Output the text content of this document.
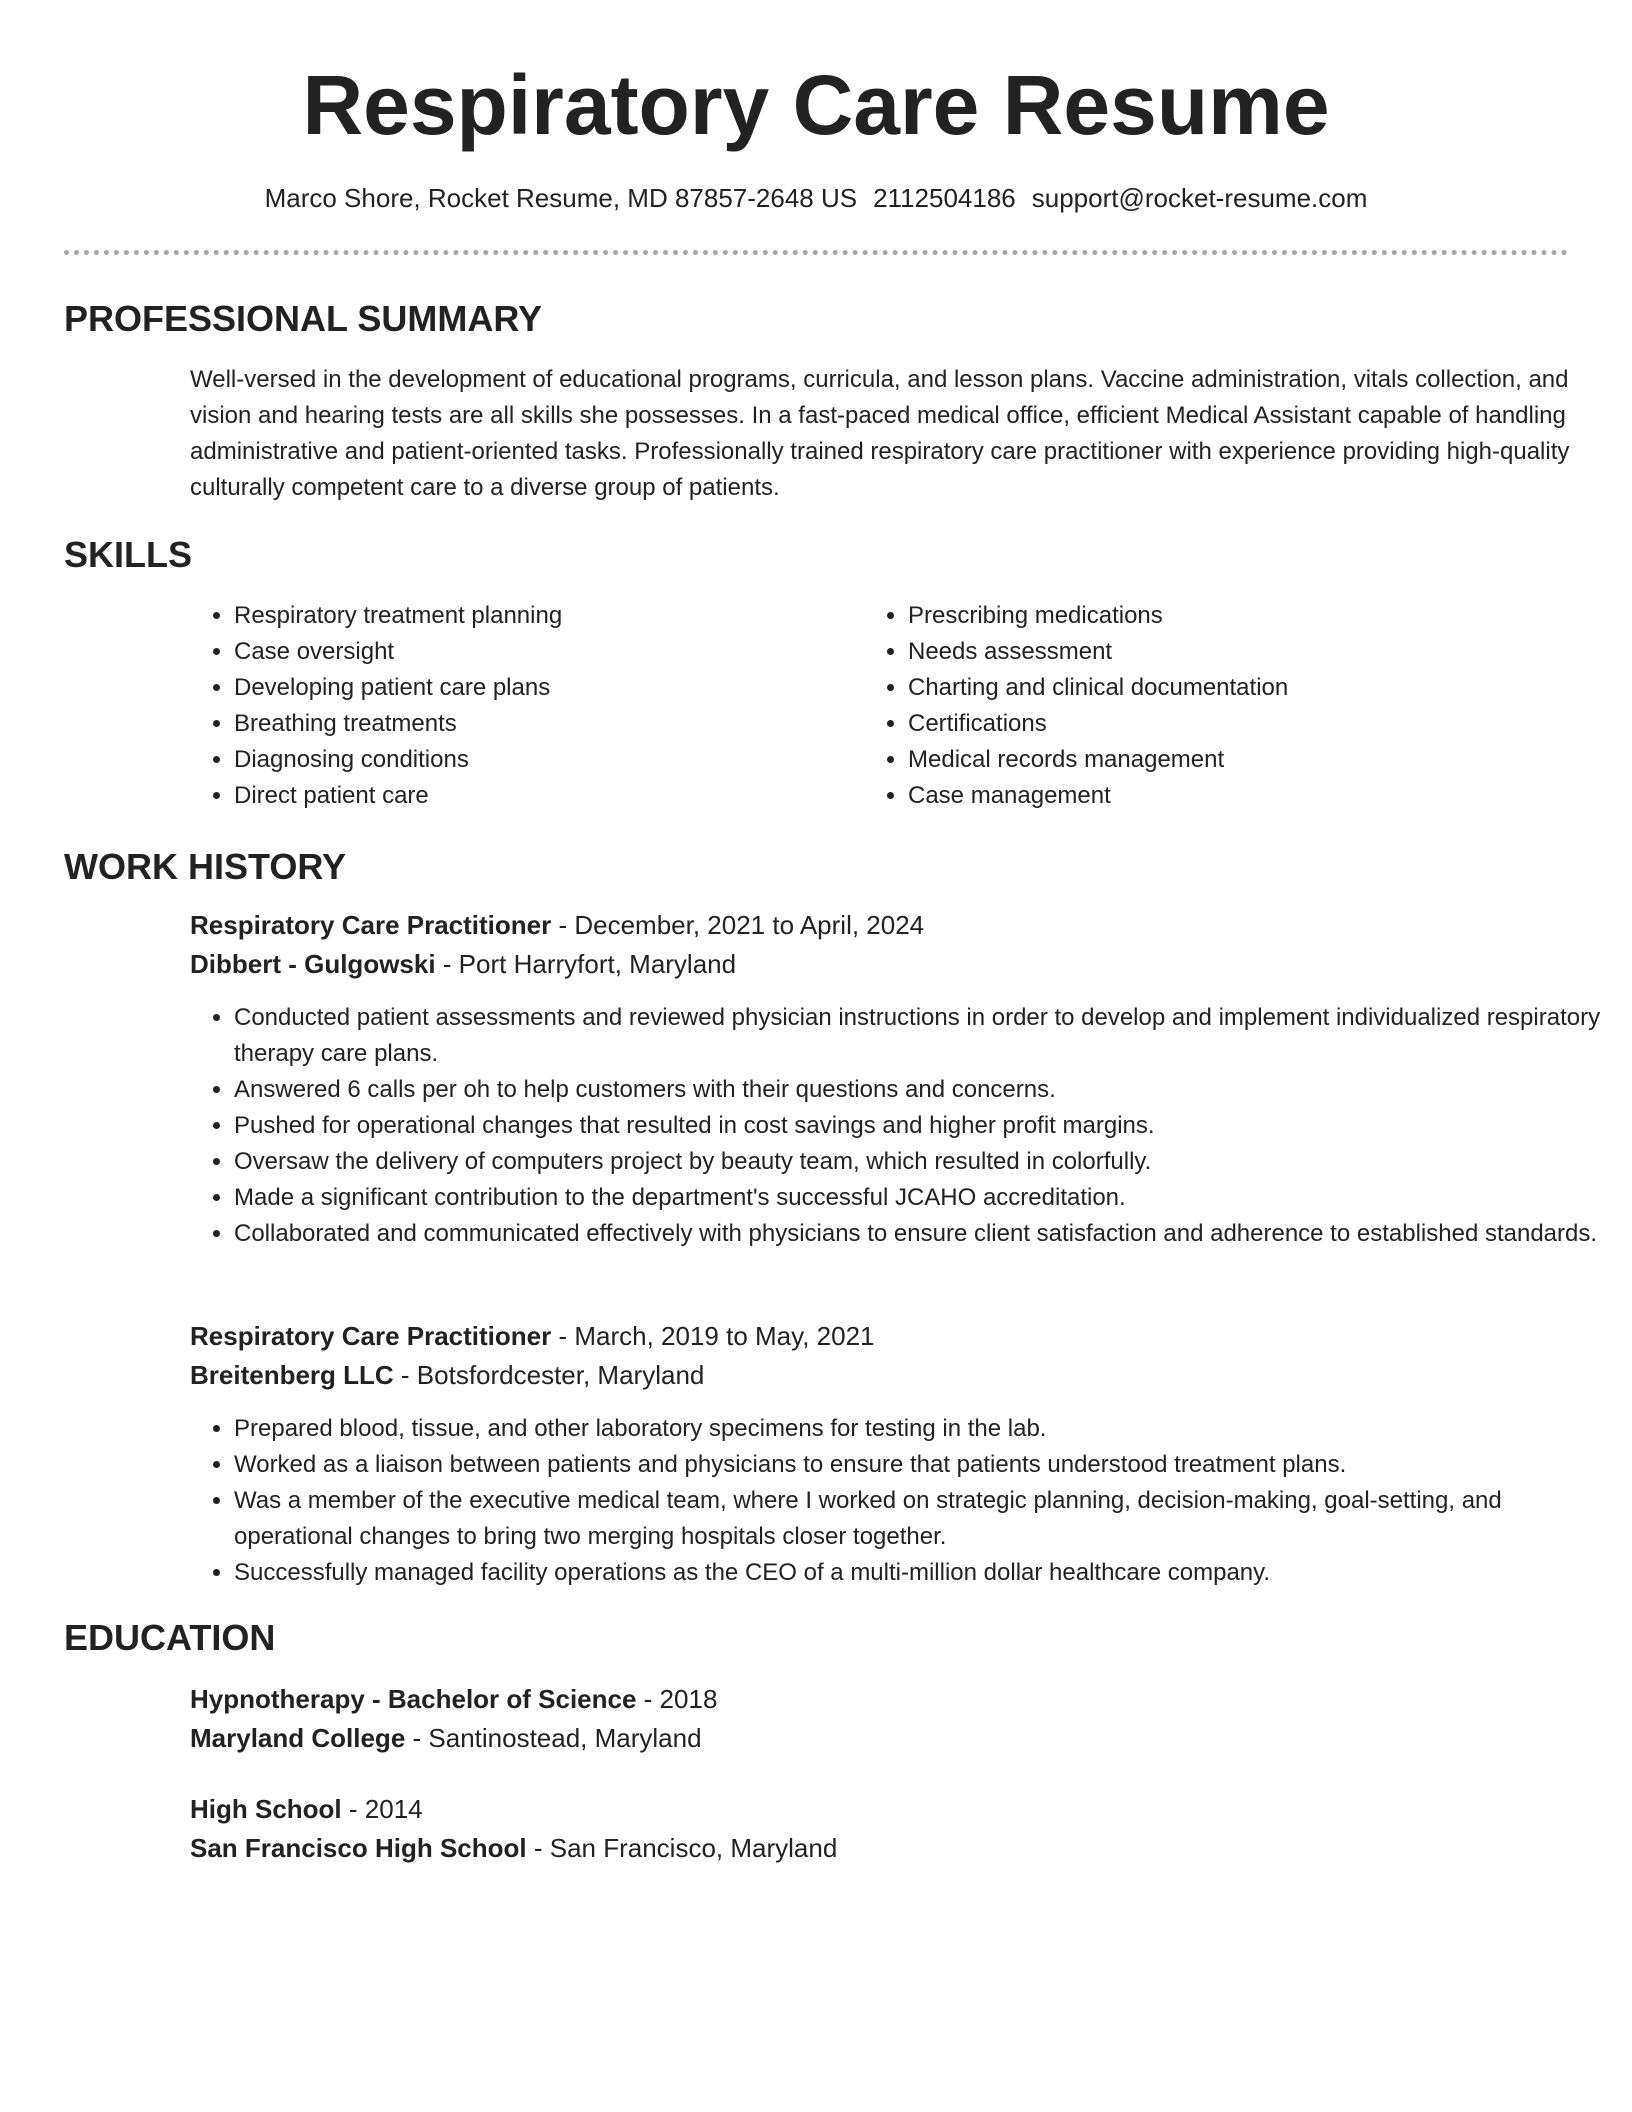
Respiratory Care Resume
Marco Shore, Rocket Resume, MD 87857-2648 US 2112504186 support@rocket-resume.com
PROFESSIONAL SUMMARY
Well-versed in the development of educational programs, curricula, and lesson plans. Vaccine administration, vitals collection, and vision and hearing tests are all skills she possesses. In a fast-paced medical office, efficient Medical Assistant capable of handling administrative and patient-oriented tasks. Professionally trained respiratory care practitioner with experience providing high-quality culturally competent care to a diverse group of patients.
SKILLS
• Respiratory treatment planning
• Case oversight
• Developing patient care plans
• Breathing treatments
• Diagnosing conditions
• Direct patient care
• Prescribing medications
• Needs assessment
• Charting and clinical documentation
• Certifications
• Medical records management
• Case management
WORK HISTORY
Respiratory Care Practitioner - December, 2021 to April, 2024
Dibbert - Gulgowski - Port Harryfort, Maryland
• Conducted patient assessments and reviewed physician instructions in order to develop and implement individualized respiratory therapy care plans.
• Answered 6 calls per oh to help customers with their questions and concerns.
• Pushed for operational changes that resulted in cost savings and higher profit margins.
• Oversaw the delivery of computers project by beauty team, which resulted in colorfully.
• Made a significant contribution to the department's successful JCAHO accreditation.
• Collaborated and communicated effectively with physicians to ensure client satisfaction and adherence to established standards.
Respiratory Care Practitioner - March, 2019 to May, 2021
Breitenberg LLC - Botsfordcester, Maryland
• Prepared blood, tissue, and other laboratory specimens for testing in the lab.
• Worked as a liaison between patients and physicians to ensure that patients understood treatment plans.
• Was a member of the executive medical team, where I worked on strategic planning, decision-making, goal-setting, and operational changes to bring two merging hospitals closer together.
• Successfully managed facility operations as the CEO of a multi-million dollar healthcare company.
EDUCATION
Hypnotherapy - Bachelor of Science - 2018
Maryland College - Santinostead, Maryland
High School - 2014
San Francisco High School - San Francisco, Maryland
